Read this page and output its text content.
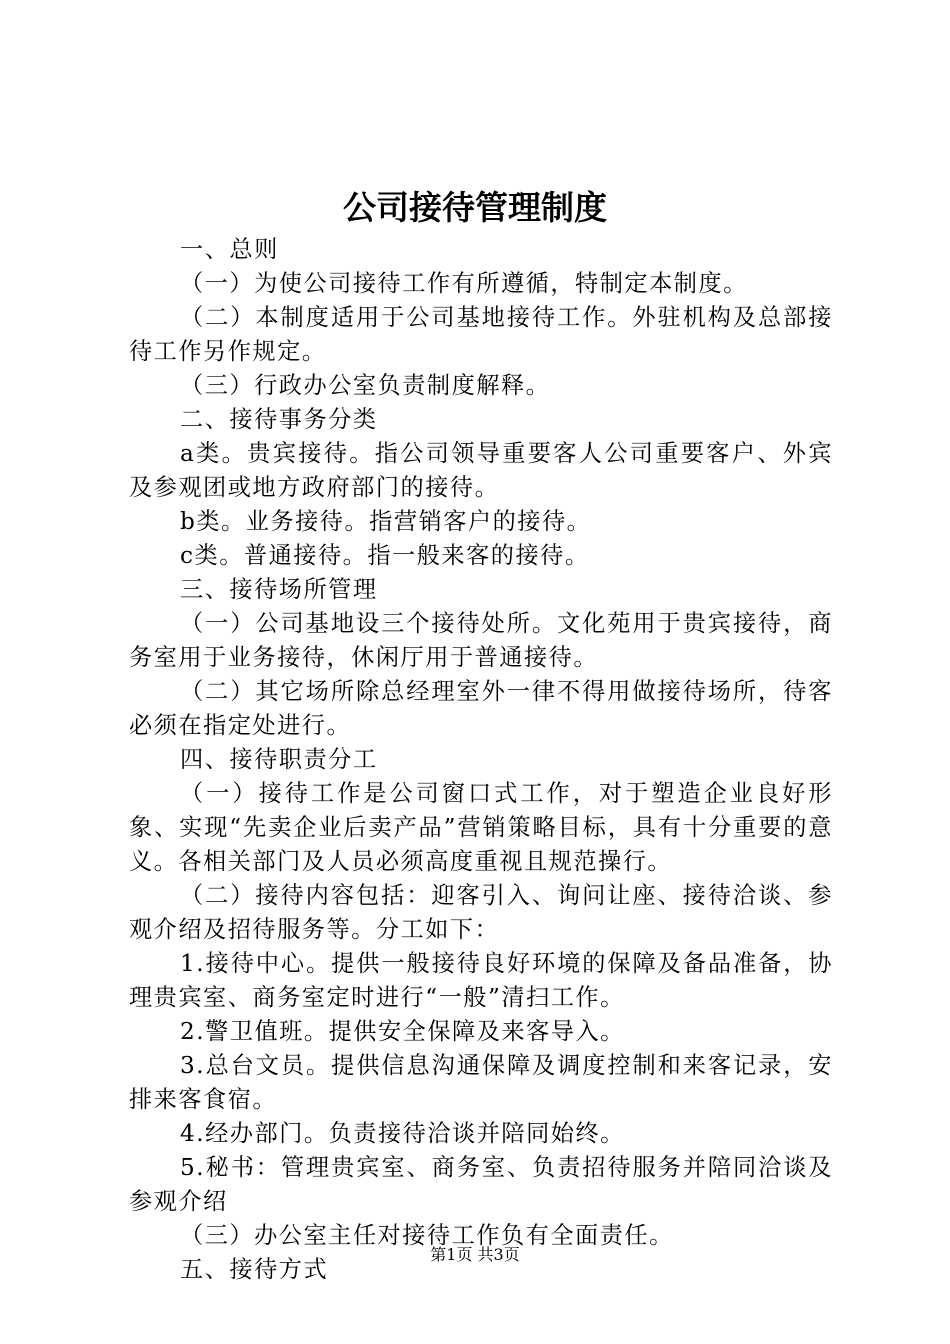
公司接待管理制度

一、总则

（一）为使公司接待工作有所遵循，特制定本制度。

（二）本制度适用于公司基地接待工作。外驻机构及总部接待工作另作规定。

（三）行政办公室负责制度解释。

二、接待事务分类

a类。贵宾接待。指公司领导重要客人公司重要客户、外宾及参观团或地方政府部门的接待。

b类。业务接待。指营销客户的接待。

c类。普通接待。指一般来客的接待。

三、接待场所管理

（一）公司基地设三个接待处所。文化苑用于贵宾接待，商务室用于业务接待，休闲厅用于普通接待。

（二）其它场所除总经理室外一律不得用做接待场所，待客必须在指定处进行。

四、接待职责分工

（一）接待工作是公司窗口式工作，对于塑造企业良好形象、实现“先卖企业后卖产品”营销策略目标，具有十分重要的意义。各相关部门及人员必须高度重视且规范操行。

（二）接待内容包括：迎客引入、询问让座、接待洽谈、参观介绍及招待服务等。分工如下：

1.接待中心。提供一般接待良好环境的保障及备品准备，协理贵宾室、商务室定时进行“一般”清扫工作。

2.警卫值班。提供安全保障及来客导入。

3.总台文员。提供信息沟通保障及调度控制和来客记录，安排来客食宿。

4.经办部门。负责接待洽谈并陪同始终。

5.秘书：管理贵宾室、商务室、负责招待服务并陪同洽谈及参观介绍

（三）办公室主任对接待工作负有全面责任。

五、接待方式

第1页 共3页
